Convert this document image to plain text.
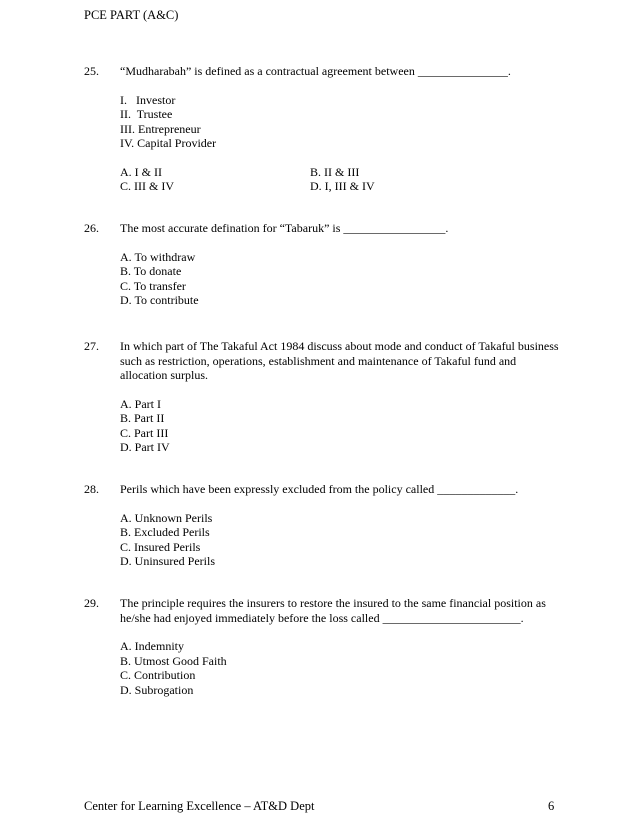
PCE PART (A&C)
25. “Mudharabah” is defined as a contractual agreement between _______________.
I.   Investor
II.  Trustee
III. Entrepreneur
IV. Capital Provider
A. I & II	B. II & III
C. III & IV	D. I, III & IV
26. The most accurate defination for “Tabaruk” is _________________.
A. To withdraw
B. To donate
C. To transfer
D. To contribute
27. In which part of The Takaful Act 1984 discuss about mode and conduct of Takaful business such as restriction, operations, establishment and maintenance of Takaful fund and allocation surplus.
A. Part I
B. Part II
C. Part III
D. Part IV
28. Perils which have been expressly excluded from the policy called _____________.
A. Unknown Perils
B. Excluded Perils
C. Insured Perils
D. Uninsured Perils
29. The principle requires the insurers to restore the insured to the same financial position as he/she had enjoyed immediately before the loss called _______________________.
A. Indemnity
B. Utmost Good Faith
C. Contribution
D. Subrogation
Center for Learning Excellence – AT&D Dept	6
